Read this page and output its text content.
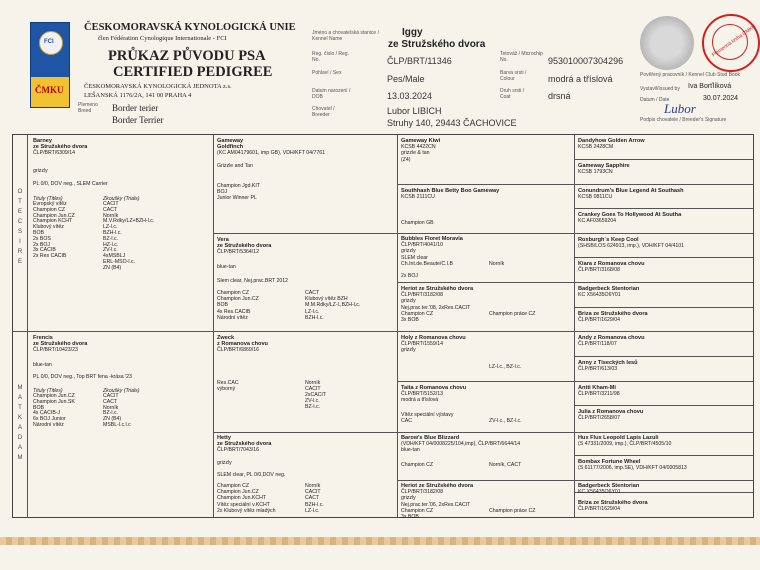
FCI
ČMKU
ČESKOMORAVSKÁ KYNOLOGICKÁ UNIE
člen Fédération Cynologique Internationale - FCI
PRŮKAZ PŮVODU PSA
CERTIFIED PEDIGREE
ČESKOMORAVSKÁ KYNOLOGICKÁ JEDNOTA z.s.
LEŠANSKÁ 1176/2A, 141 00 PRAHA 4
Plemeno
Breed	Border terier
Border Terrier
Jméno a chovatelská stanice / Kennel Name
Iggy
ze Stružského dvora
Reg. číslo / Reg. No.	ČLP/BRT/11346
Tetováž / Microchip No.	953010007304296
Pohlaví / Sex
Pes/Male
Barva srsti / Colour	modrá a tříslová
Datum narození / DOB	13.03.2024	Druh srsti / Coat	drsná
Chovatel / Breeder	Lubor LIBICH
Struhy 140, 29443 ČACHOVICE
Plemenná kniha ČMKU
Pověřený pracovník / Kennel Club Stud Book
Vystavil/Issued by Iva Borťlíková
Datum / Date	30.07.2024
Lubor
Podpis chovatele / Breeder's Signature
O T E C S I R E
M A T K A D A M
Barney
ze Stružského dvora
ČLP/BRT/6309/14
grizzly
PL 0/0, DOV neg., SLEM Carrier
Tituly (Titles)	Zkoušky (Trials)
Evropský vítěz
Champion CZ
Champion Jun.CZ
Champion KCHT
Klubový vítěz
BOB
2x BOS
2x BOJ
3x CACIB
2x Res CACIB
CACIT
CACT
Norník
M.V.Rdky/LZ+BZH-l.c.
LZ-l.c.
BZH-l.c.
BZ-l.c.
HZ-l.c.
ZV-l.c.
4xMSBLJ
ERL-MSO-l.c.
ZN (B4)
Gameway
Goldfinch
(KC AM04179601, imp GB), VDH/KFT 04/7761
Grizzle and Tan
Champion Jgd.KIT
BOJ
Junior Winner PL
Vera
ze Stružského dvora
ČLP/BRT/5364/12
blue-tan
Slem clear, Nej.prac.BRT 2012
Champion CZ
Champion Jun.CZ
BOB
4x Res.CACIB
Národní vítěz
CACT
Klubový vítěz BZH
M.M.Rdky/LZ-l.,BZH-l.c.
LZ-l.c.
BZH-l.c.
Gameway Kiwi
KCSB 4422CN
grizzle & tan
(Z4)
Southhash Blue Betty Boo Gameway
KCSB 2111CU
Champion GB
Bubbles Floret Moravia
ČLP/BRT/4041/10
grizzly
SLEM clear
Ch.Int.de.Beaute/C.I.B	Norník
2x BOJ
Heriot ze Stružského dvora
ČLP/BRT/3182/08
grizzly
Nej.prac.ter.'08, 2xRes.CACIT
Champion CZ	Champion práce CZ
3x BOB
Frencis
ze Stružského dvora
ČLP/BRT/10423/23
blue-tan
PL 0/0, DOV neg., Top BRT fena -krása '23
Tituly (Titles)	Zkoušky (Trials)
Champion Jun.CZ
Champion Jun.SK
BOB
4x CACIB-J
6x BOJ Junior
Národní vítěz
CACIT
CACT
Norník
BZ-l.c.
ZN (B4)
MSBL-l.c.l.c
Zweck
z Romanova chovu
ČLP/BRT/6869/16
Res.CAC
výborný
Norník
CACIT
2xCACIT
ZV-l.c.
BZ-l.c.
Hetty
ze Stružského dvora
ČLP/BRT/7043/16
grizzly
SLEM clear, PL 0/0,DOV neg.
Champion CZ
Champion Jun.CZ
Champion Jun.KCHT
Vítěz speciální v.KCHT
2x Klubový vítěz mladých
Norník
CACIT
CACT
BZH-l.c.
LZ-l.c.
Holy z Romanova chovu
ČLP/BRT/1559/14
grizzly
LZ-l.c., BZ-l.c.
Taita z Romanova chovu
ČLP/BRT/5152/13
modrá a tříslová
Vítěz speciální výstavy
CAC	ZV-l.c., BZ-l.c.
Barow's Blue Blizzard
(VDH/KFT 04/0008225/104,imp), ČLP/BRT/6644/14
blue-tan
Champion CZ	Norník, CACT
Heriot ze Stružského dvora
ČLP/BRT/3182/08
grizzly
Nej.prac.ter.'06, 2xRes.CACIT
Champion CZ	Champion práce CZ
3x BOB
Dandyhow Golden Arrow
KCSB 2428CM
Gameway Sapphire
KCSB 1793CN
Conundrum's Blue Legend At Southash
KCSB 0811CU
Crankey Goes To Hollywood At Southa
KC AF03659204
Roxburgh´s Keep Cool
(SHSB/LOS 624913, imp.), VDH/KFT 04/4101
Kiara z Romanova chovu
ČLP/BRT/3168/08
Badgerbeck Stentorian
KC X56435O6Y01
Briza ze Stružského dvora
ČLP/BRT/1629/04
Andy z Romanova chovu
ČLP/BRT/118/07
Anny z Tiseckých lesů
ČLP/BRT/613/03
Antti Kham-Mi
ČLP/BRT/3211/98
Julia z Romanova chovu
ČLP/BRT/2658/07
Hux Flux Leopold Lapis Lazuli
(S 47331/2009, imp.), ČLP/BRT/4505/10
Bombax Fortune Wheel
(S 61177/2006, imp.SE), VDH/KFT 04/0005813
Badgerbeck Stentorian
KC X56435O6Y01
Briza ze Stružského dvora
ČLP/BRT/1629/04
